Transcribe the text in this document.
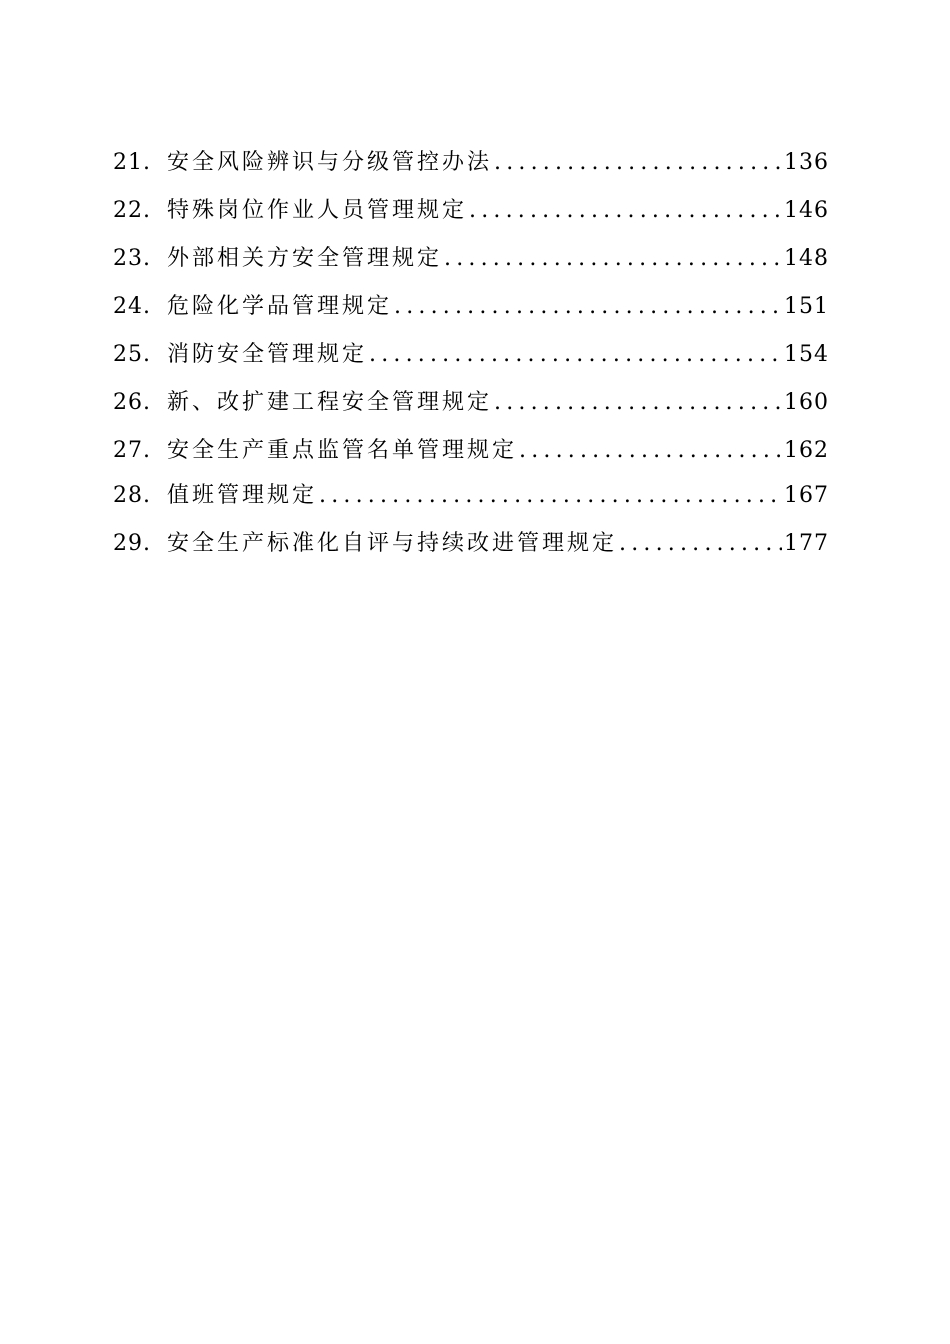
21. 安全风险辨识与分级管控办法 .....	136
22. 特殊岗位作业人员管理规定 .....	146
23. 外部相关方安全管理规定 .....	148
24. 危险化学品管理规定 .....	151
25. 消防安全管理规定 .....	154
26. 新、改扩建工程安全管理规定 .....	160
27. 安全生产重点监管名单管理规定 .....	162
28. 值班管理规定 .....	167
29. 安全生产标准化自评与持续改进管理规定 .....	177
